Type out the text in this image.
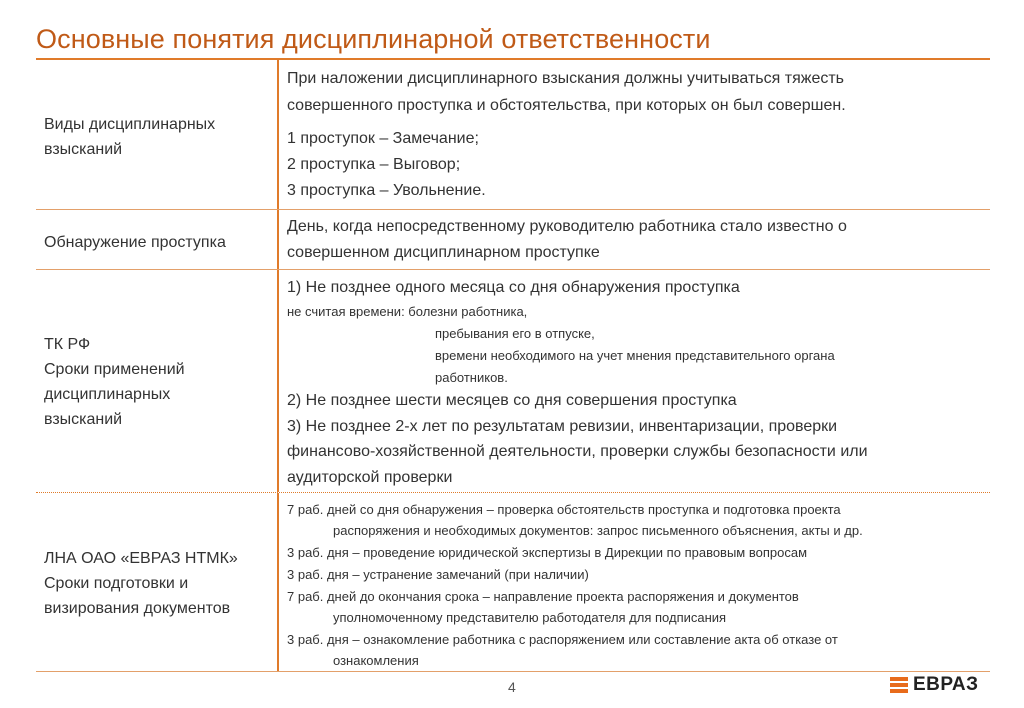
Основные понятия дисциплинарной ответственности
Виды дисциплинарных взысканий
При наложении дисциплинарного взыскания должны учитываться тяжесть
совершенного проступка и обстоятельства, при которых он был совершен.
1 проступок – Замечание;
2 проступка – Выговор;
3 проступка – Увольнение.
Обнаружение проступка
День, когда непосредственному руководителю работника стало известно о
совершенном дисциплинарном проступке
ТК РФ
Сроки применений дисциплинарных взысканий
1) Не позднее одного месяца со дня обнаружения проступка
не считая времени: болезни работника,
пребывания его в отпуске,
времени необходимого на учет мнения представительного органа
работников.
2) Не позднее шести месяцев со дня совершения проступка
3) Не позднее 2-х лет по результатам ревизии, инвентаризации, проверки
финансово-хозяйственной деятельности, проверки службы безопасности или
аудиторской проверки
ЛНА ОАО «ЕВРАЗ НТМК»
Сроки подготовки и визирования документов
7 раб. дней со дня обнаружения – проверка обстоятельств проступка и подготовка проекта
распоряжения и необходимых документов: запрос письменного объяснения, акты и др.
3 раб. дня – проведение юридической экспертизы в Дирекции по правовым вопросам
3 раб. дня – устранение замечаний (при наличии)
7 раб. дней до окончания срока – направление проекта распоряжения и документов
уполномоченному представителю работодателя для подписания
3 раб. дня – ознакомление работника с распоряжением или составление акта об отказе от
ознакомления
4	ЕВРАЗ
